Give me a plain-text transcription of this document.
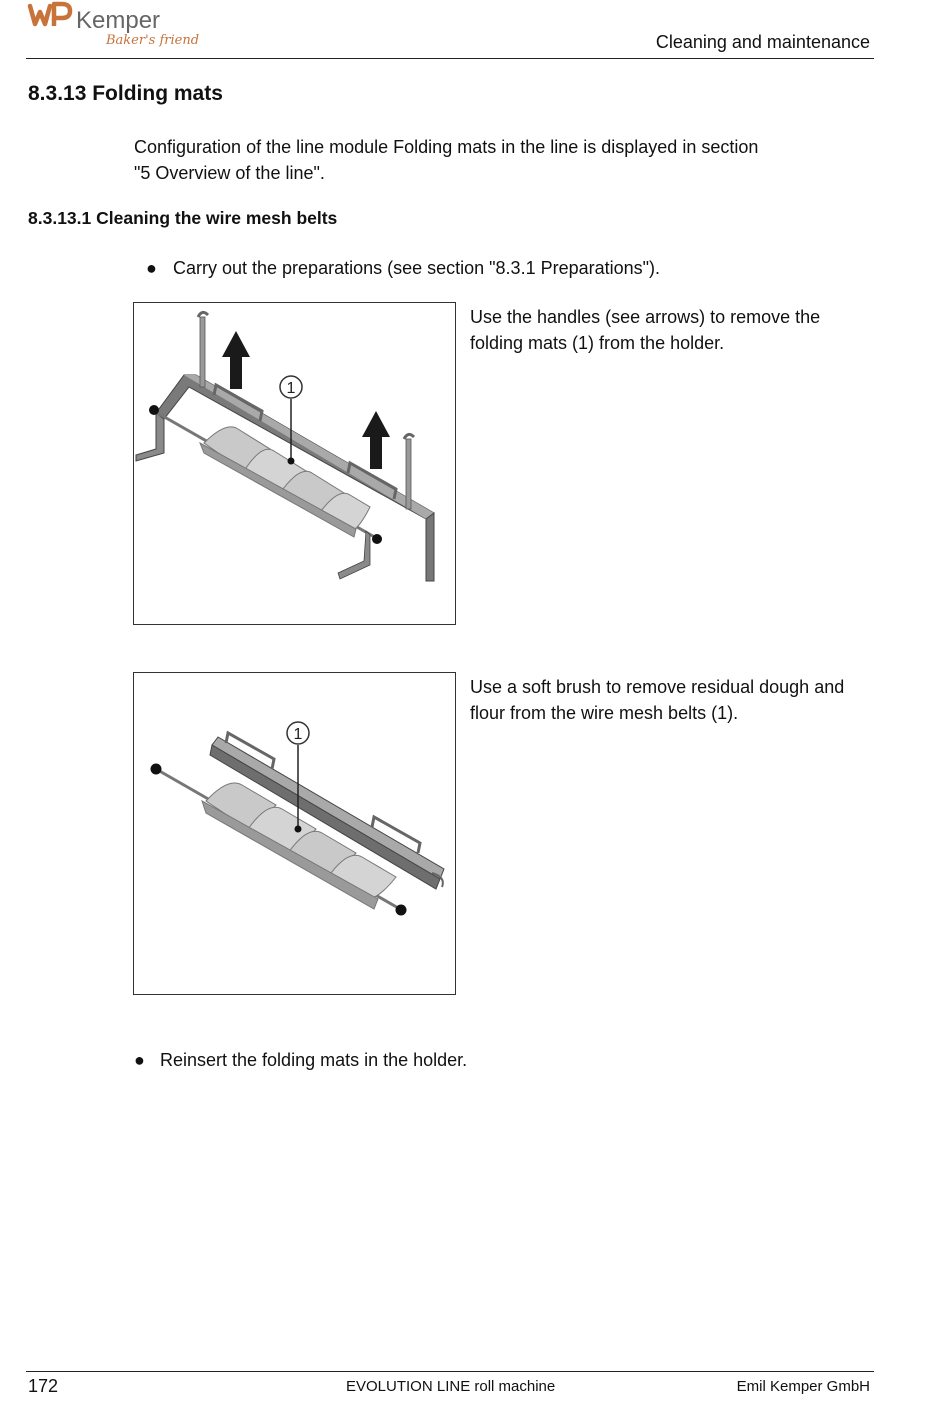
Kemper
Baker's friend	Cleaning and maintenance
8.3.13 Folding mats
Configuration of the line module Folding mats in the line is displayed in section
"5 Overview of the line".
8.3.13.1 Cleaning the wire mesh belts
● Carry out the preparations (see section "8.3.1 Preparations").
1
Use the handles (see arrows) to remove the
folding mats (1) from the holder.
1
Use a soft brush to remove residual dough and
flour from the wire mesh belts (1).
● Reinsert the folding mats in the holder.
172	EVOLUTION LINE roll machine	Emil Kemper GmbH
